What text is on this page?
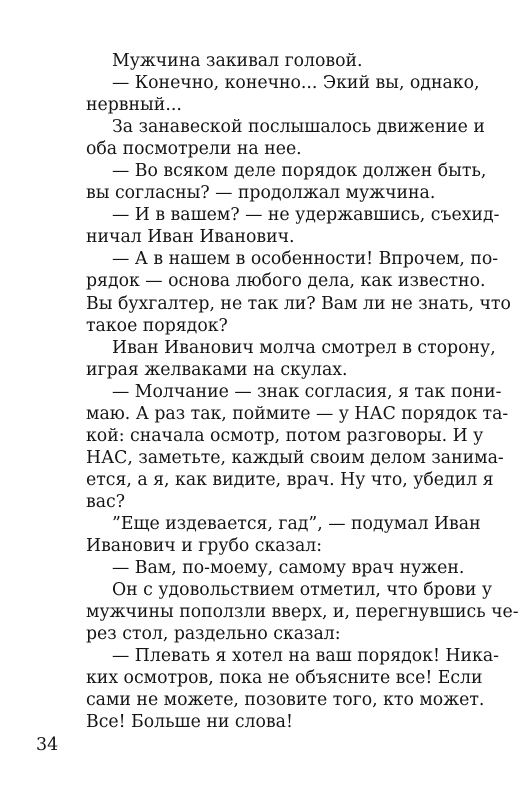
Мужчина закивал головой.
— Конечно, конечно... Экий вы, однако,
нервный...
За занавеской послышалось движение и
оба посмотрели на нее.
— Во всяком деле порядок должен быть,
вы согласны? — продолжал мужчина.
— И в вашем? — не удержавшись, съехид-
ничал Иван Иванович.
— А в нашем в особенности! Впрочем, по-
рядок — основа любого дела, как известно.
Вы бухгалтер, не так ли? Вам ли не знать, что
такое порядок?
Иван Иванович молча смотрел в сторону,
играя желваками на скулах.
— Молчание — знак согласия, я так пони-
маю. А раз так, поймите — у НАС порядок та-
кой: сначала осмотр, потом разговоры. И у
НАС, заметьте, каждый своим делом занима-
ется, а я, как видите, врач. Ну что, убедил я
вас?
”Еще издевается, гад”, — подумал Иван
Иванович и грубо сказал:
— Вам, по-моему, самому врач нужен.
Он с удовольствием отметил, что брови у
мужчины поползли вверх, и, перегнувшись че-
рез стол, раздельно сказал:
— Плевать я хотел на ваш порядок! Ника-
ких осмотров, пока не объясните все! Если
сами не можете, позовите того, кто может.
Все! Больше ни слова!
34
